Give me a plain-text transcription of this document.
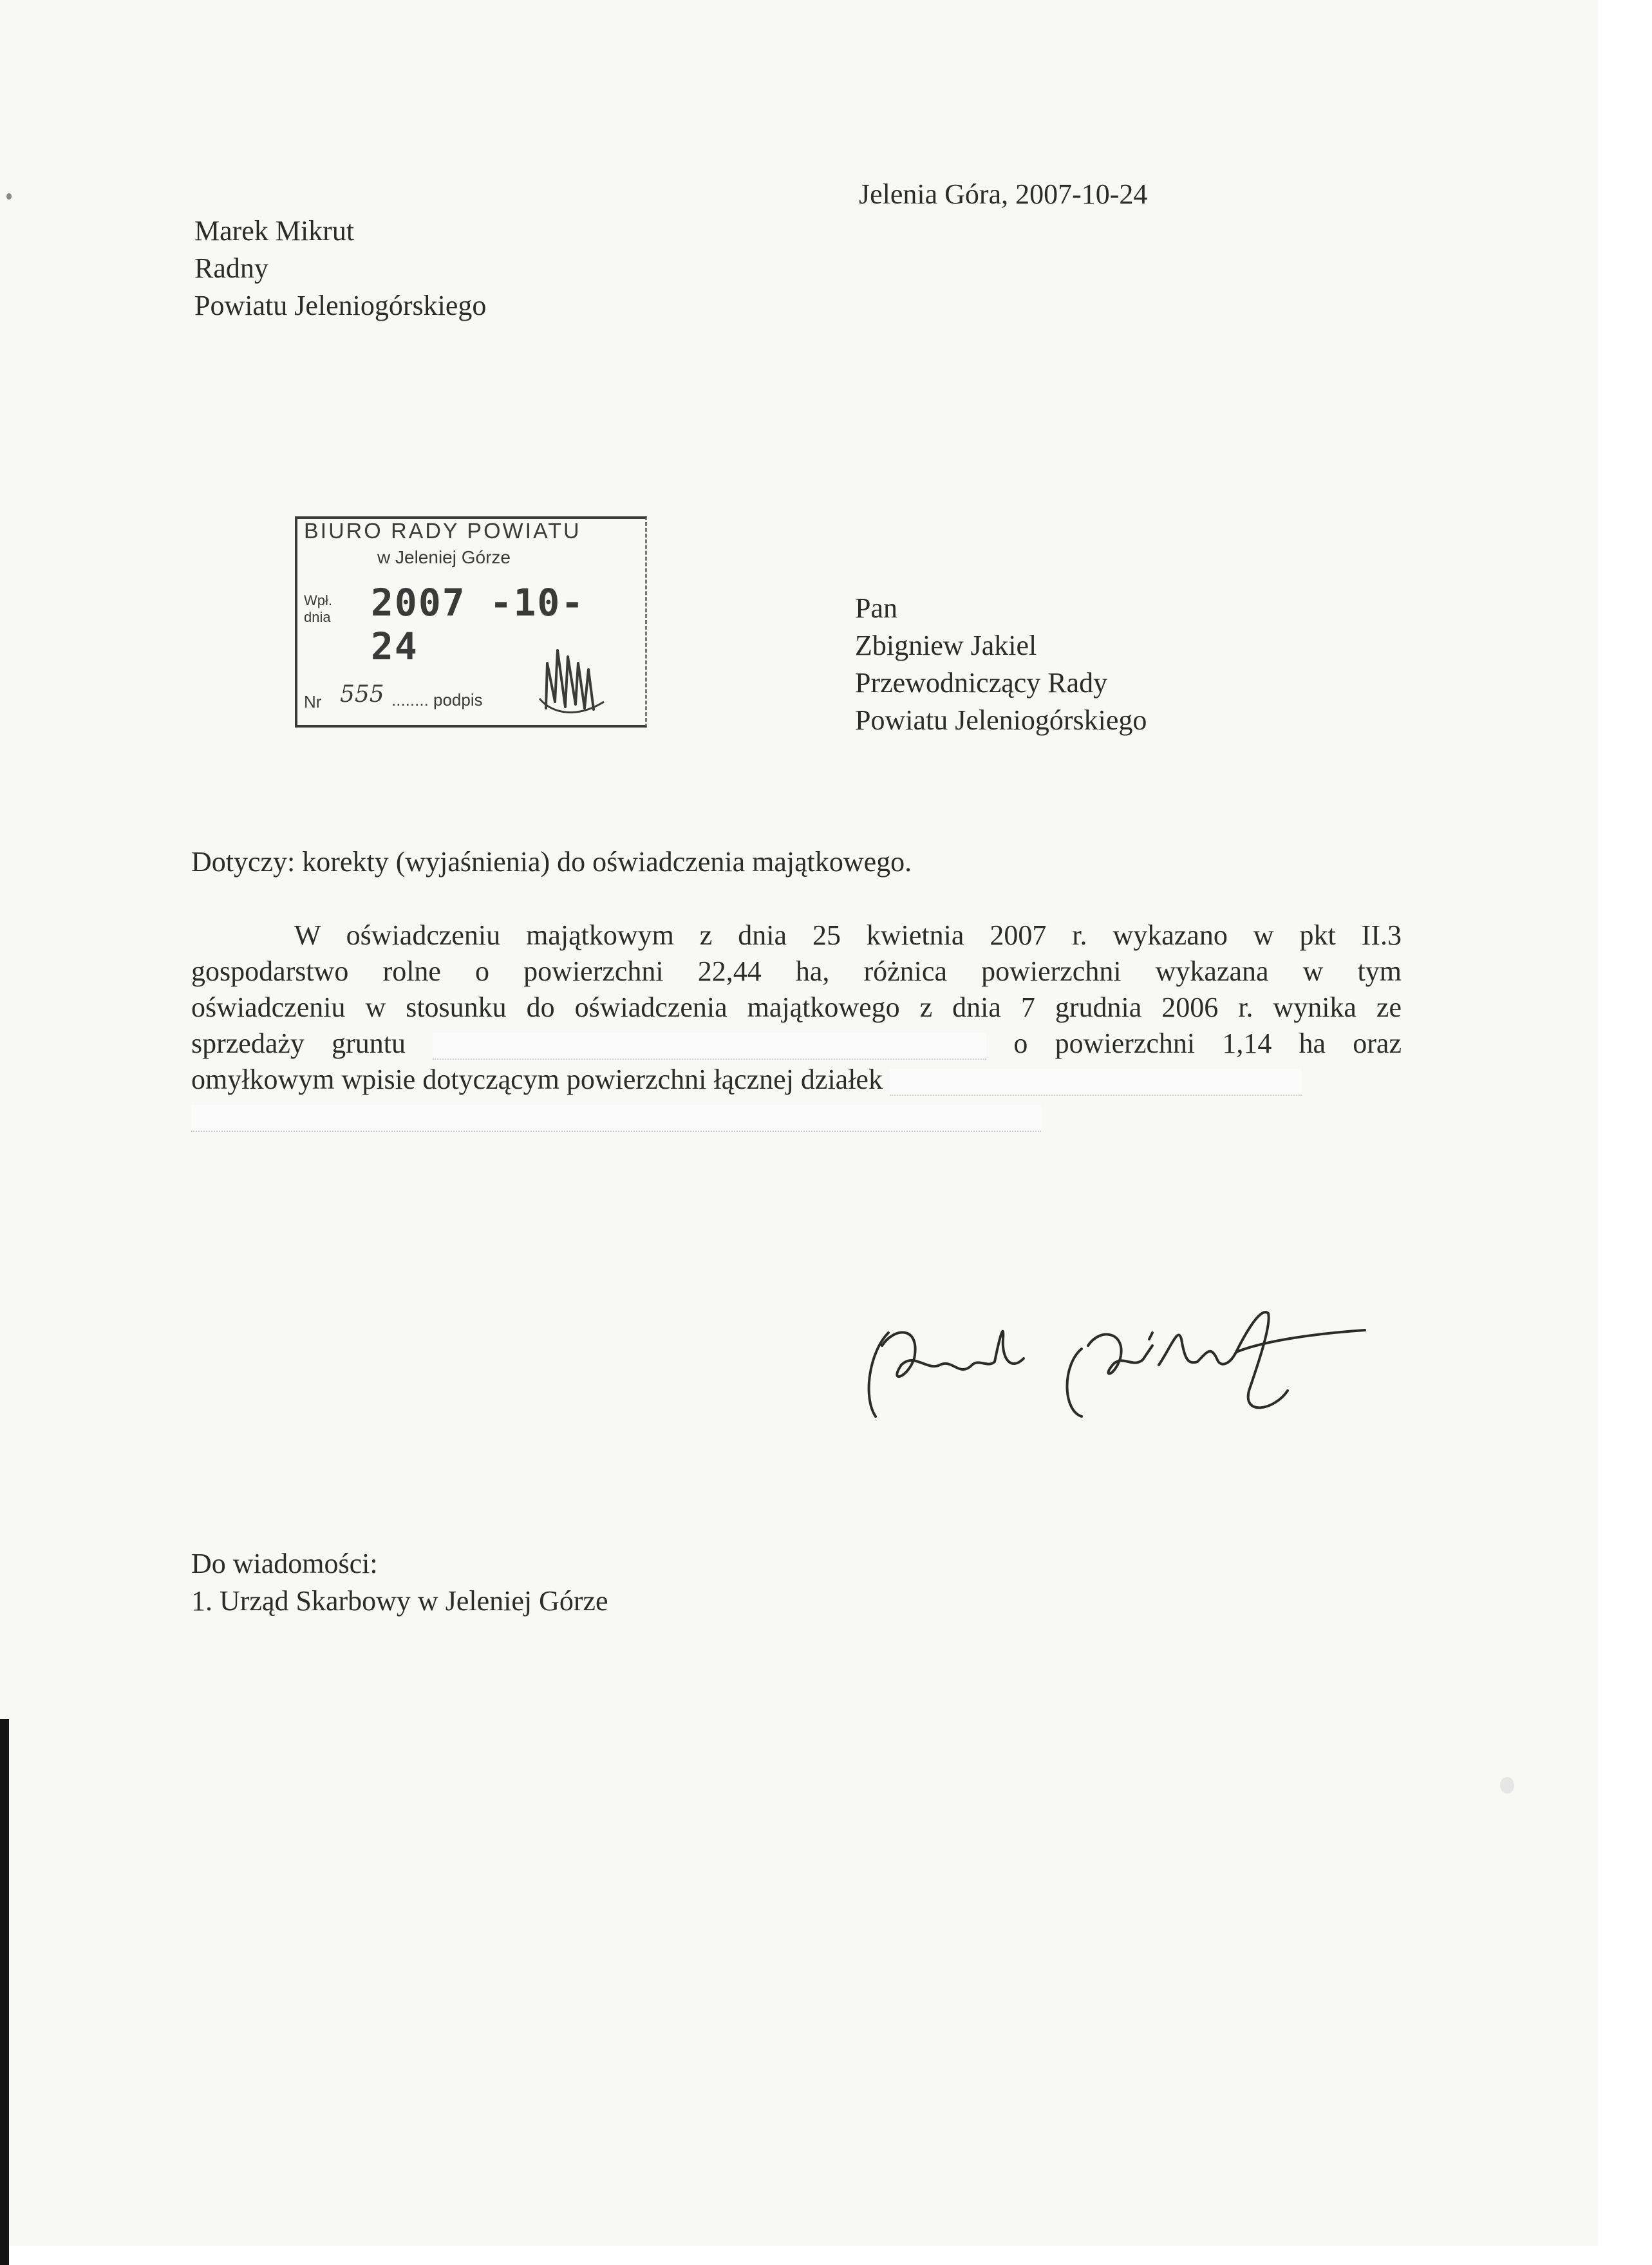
Marek Mikrut
Radny
Powiatu Jeleniogórskiego
Jelenia Góra, 2007-10-24
BIURO RADY POWIATU
w Jeleniej Górze
Wpł.
dnia 2007 -10- 24
Nr 555 ........ podpis
Pan
Zbigniew Jakiel
Przewodniczący Rady
Powiatu Jeleniogórskiego
Dotyczy: korekty (wyjaśnienia) do oświadczenia majątkowego.
W oświadczeniu majątkowym z dnia 25 kwietnia 2007 r. wykazano w pkt II.3
gospodarstwo rolne o powierzchni 22,44 ha, różnica powierzchni wykazana w tym
oświadczeniu w stosunku do oświadczenia majątkowego z dnia 7 grudnia 2006 r. wynika ze
sprzedaży gruntu	o powierzchni 1,14 ha oraz
omyłkowym wpisie dotyczącym powierzchni łącznej działek
Do wiadomości:
1. Urząd Skarbowy w Jeleniej Górze
